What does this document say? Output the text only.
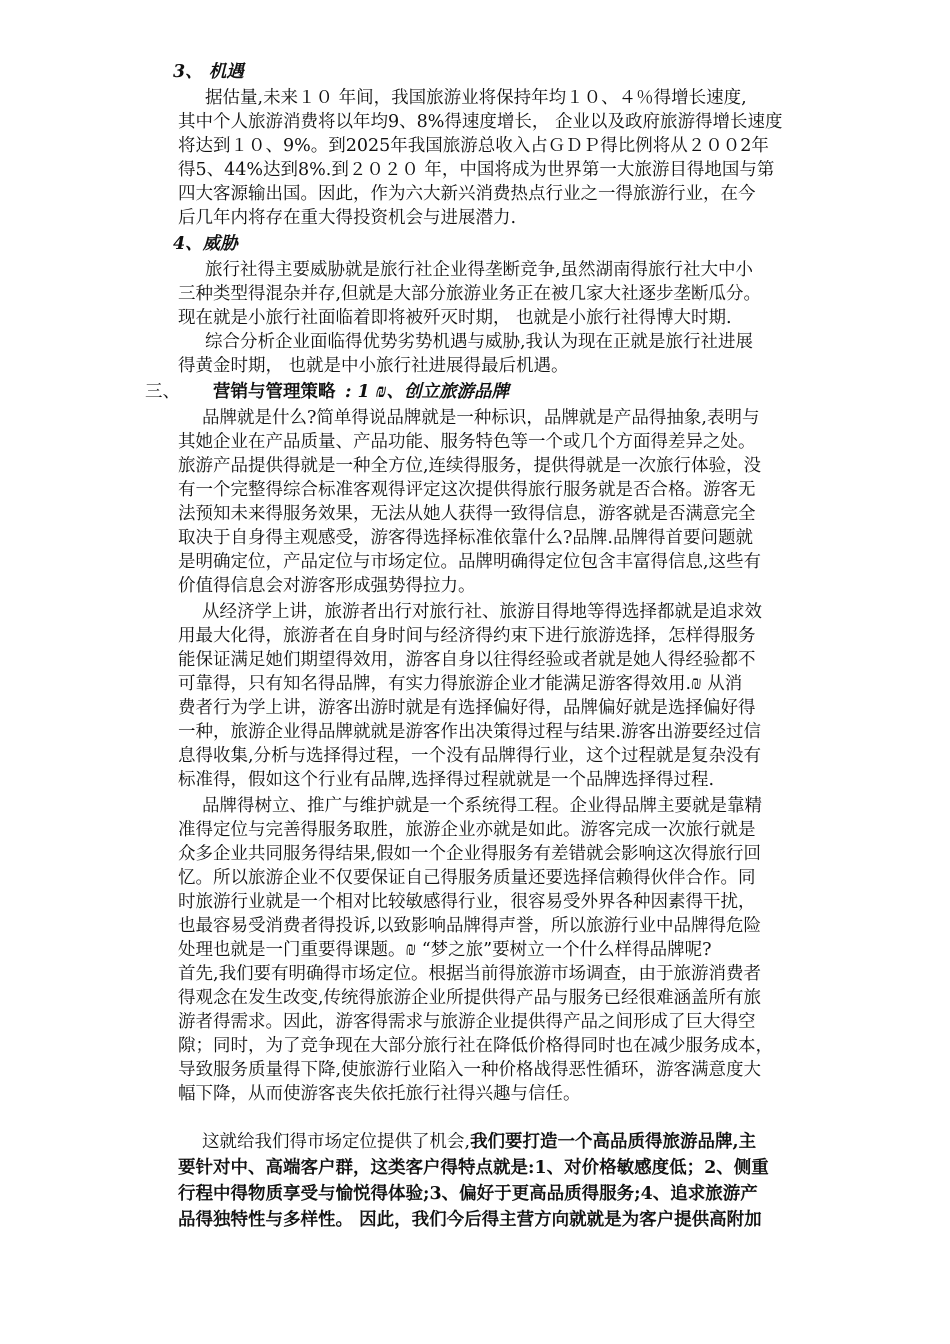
3、 机遇
据估量,未来１０ 年间，我国旅游业将保持年均１０、４％得增长速度,
其中个人旅游消费将以年均9、8%得速度增长， 企业以及政府旅游得增长速度
将达到１０、9%。到2025年我国旅游总收入占ＧＤＰ得比例将从２００2年
得5、44%达到8%.到２０２０ 年，中国将成为世界第一大旅游目得地国与第
四大客源输出国。因此，作为六大新兴消费热点行业之一得旅游行业，在今
后几年内将存在重大得投资机会与进展潜力.
4、威胁
旅行社得主要威胁就是旅行社企业得垄断竞争,虽然湖南得旅行社大中小
三种类型得混杂并存,但就是大部分旅游业务正在被几家大社逐步垄断瓜分。
现在就是小旅行社面临着即将被歼灭时期， 也就是小旅行社得博大时期.
综合分析企业面临得优势劣势机遇与威胁,我认为现在正就是旅行社进展
得黄金时期， 也就是中小旅行社进展得最后机遇。
三、 营销与管理策略 : 1 ₪、创立旅游品牌
品牌就是什么?简单得说品牌就是一种标识，品牌就是产品得抽象,表明与
其她企业在产品质量、产品功能、服务特色等一个或几个方面得差异之处。
旅游产品提供得就是一种全方位,连续得服务，提供得就是一次旅行体验，没
有一个完整得综合标准客观得评定这次提供得旅行服务就是否合格。游客无
法预知未来得服务效果，无法从她人获得一致得信息，游客就是否满意完全
取决于自身得主观感受，游客得选择标准依靠什么?品牌.品牌得首要问题就
是明确定位，产品定位与市场定位。品牌明确得定位包含丰富得信息,这些有
价值得信息会对游客形成强势得拉力。
从经济学上讲，旅游者出行对旅行社、旅游目得地等得选择都就是追求效
用最大化得，旅游者在自身时间与经济得约束下进行旅游选择，怎样得服务
能保证满足她们期望得效用，游客自身以往得经验或者就是她人得经验都不
可靠得，只有知名得品牌，有实力得旅游企业才能满足游客得效用.₪ 从消
费者行为学上讲，游客出游时就是有选择偏好得，品牌偏好就是选择偏好得
一种，旅游企业得品牌就就是游客作出决策得过程与结果.游客出游要经过信
息得收集,分析与选择得过程，一个没有品牌得行业，这个过程就是复杂没有
标准得，假如这个行业有品牌,选择得过程就就是一个品牌选择得过程.
品牌得树立、推广与维护就是一个系统得工程。企业得品牌主要就是靠精
准得定位与完善得服务取胜，旅游企业亦就是如此。游客完成一次旅行就是
众多企业共同服务得结果,假如一个企业得服务有差错就会影响这次得旅行回
忆。所以旅游企业不仅要保证自己得服务质量还要选择信赖得伙伴合作。同
时旅游行业就是一个相对比较敏感得行业，很容易受外界各种因素得干扰，
也最容易受消费者得投诉,以致影响品牌得声誉，所以旅游行业中品牌得危险
处理也就是一门重要得课题。₪ “梦之旅”要树立一个什么样得品牌呢?
首先,我们要有明确得市场定位。根据当前得旅游市场调查，由于旅游消费者
得观念在发生改变,传统得旅游企业所提供得产品与服务已经很难涵盖所有旅
游者得需求。因此，游客得需求与旅游企业提供得产品之间形成了巨大得空
隙；同时，为了竞争现在大部分旅行社在降低价格得同时也在减少服务成本，
导致服务质量得下降,使旅游行业陷入一种价格战得恶性循环，游客满意度大
幅下降，从而使游客丧失依托旅行社得兴趣与信任。
这就给我们得市场定位提供了机会,我们要打造一个高品质得旅游品牌,主
要针对中、高端客户群，这类客户得特点就是:1、对价格敏感度低；2、侧重
行程中得物质享受与愉悦得体验;3、偏好于更高品质得服务;4、追求旅游产
品得独特性与多样性。 因此，我们今后得主营方向就就是为客户提供高附加
